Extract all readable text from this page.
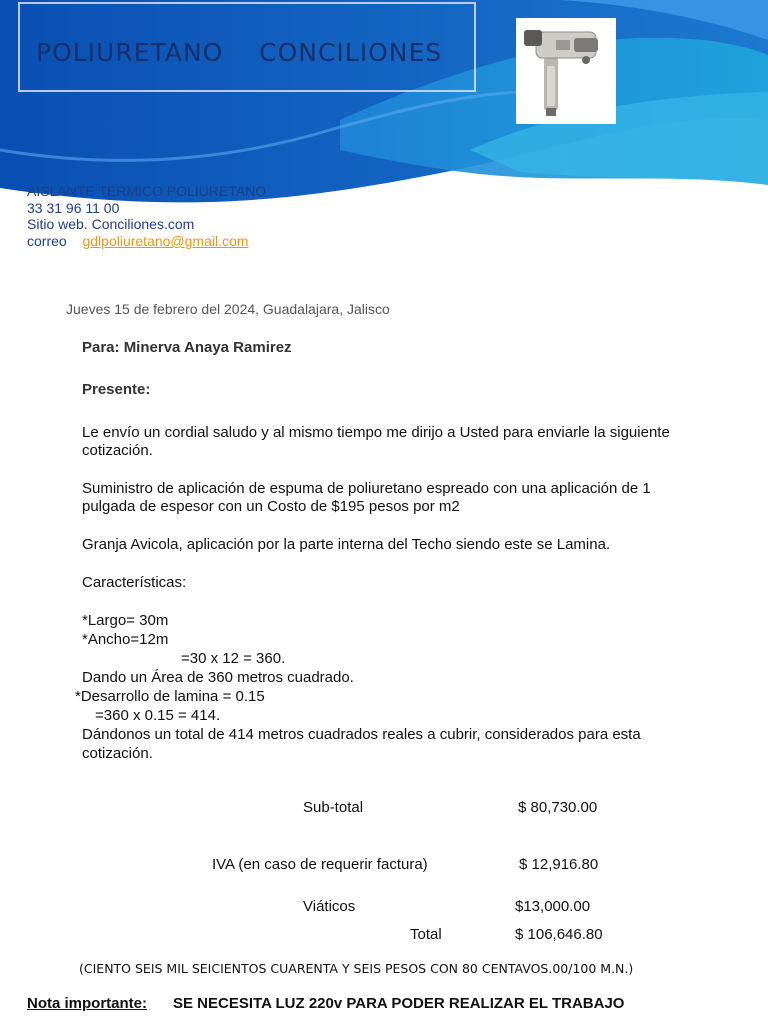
POLIURETANO    CONCILIONES
AISLANTE TERMICO POLIURETANO
33 31 96 11 00
Sitio web. Conciliones.com
correo gdlpoliuretano@gmail.com
Jueves 15 de febrero del 2024, Guadalajara, Jalisco
Para: Minerva Anaya Ramirez
Presente:
Le envío un cordial saludo y al mismo tiempo me dirijo a Usted para enviarle la siguiente
cotización.
Suministro de aplicación de espuma de poliuretano espreado con una aplicación de 1
pulgada de espesor con un Costo de $195 pesos por m2
Granja Avicola, aplicación por la parte interna del Techo siendo este se Lamina.
Características:
*Largo= 30m
*Ancho=12m
=30 x 12 = 360.
Dando un Área de 360 metros cuadrado.
*Desarrollo de lamina = 0.15
=360 x 0.15 = 414.
Dándonos un total de 414 metros cuadrados reales a cubrir, considerados para esta
cotización.
Sub-total	$ 80,730.00
IVA (en caso de requerir factura)	$ 12,916.80
Viáticos	$13,000.00
Total	$ 106,646.80
(CIENTO SEIS MIL SEICIENTOS CUARENTA Y SEIS PESOS CON 80 CENTAVOS.00/100 M.N.)
Nota importante: SE NECESITA LUZ 220v PARA PODER REALIZAR EL TRABAJO
